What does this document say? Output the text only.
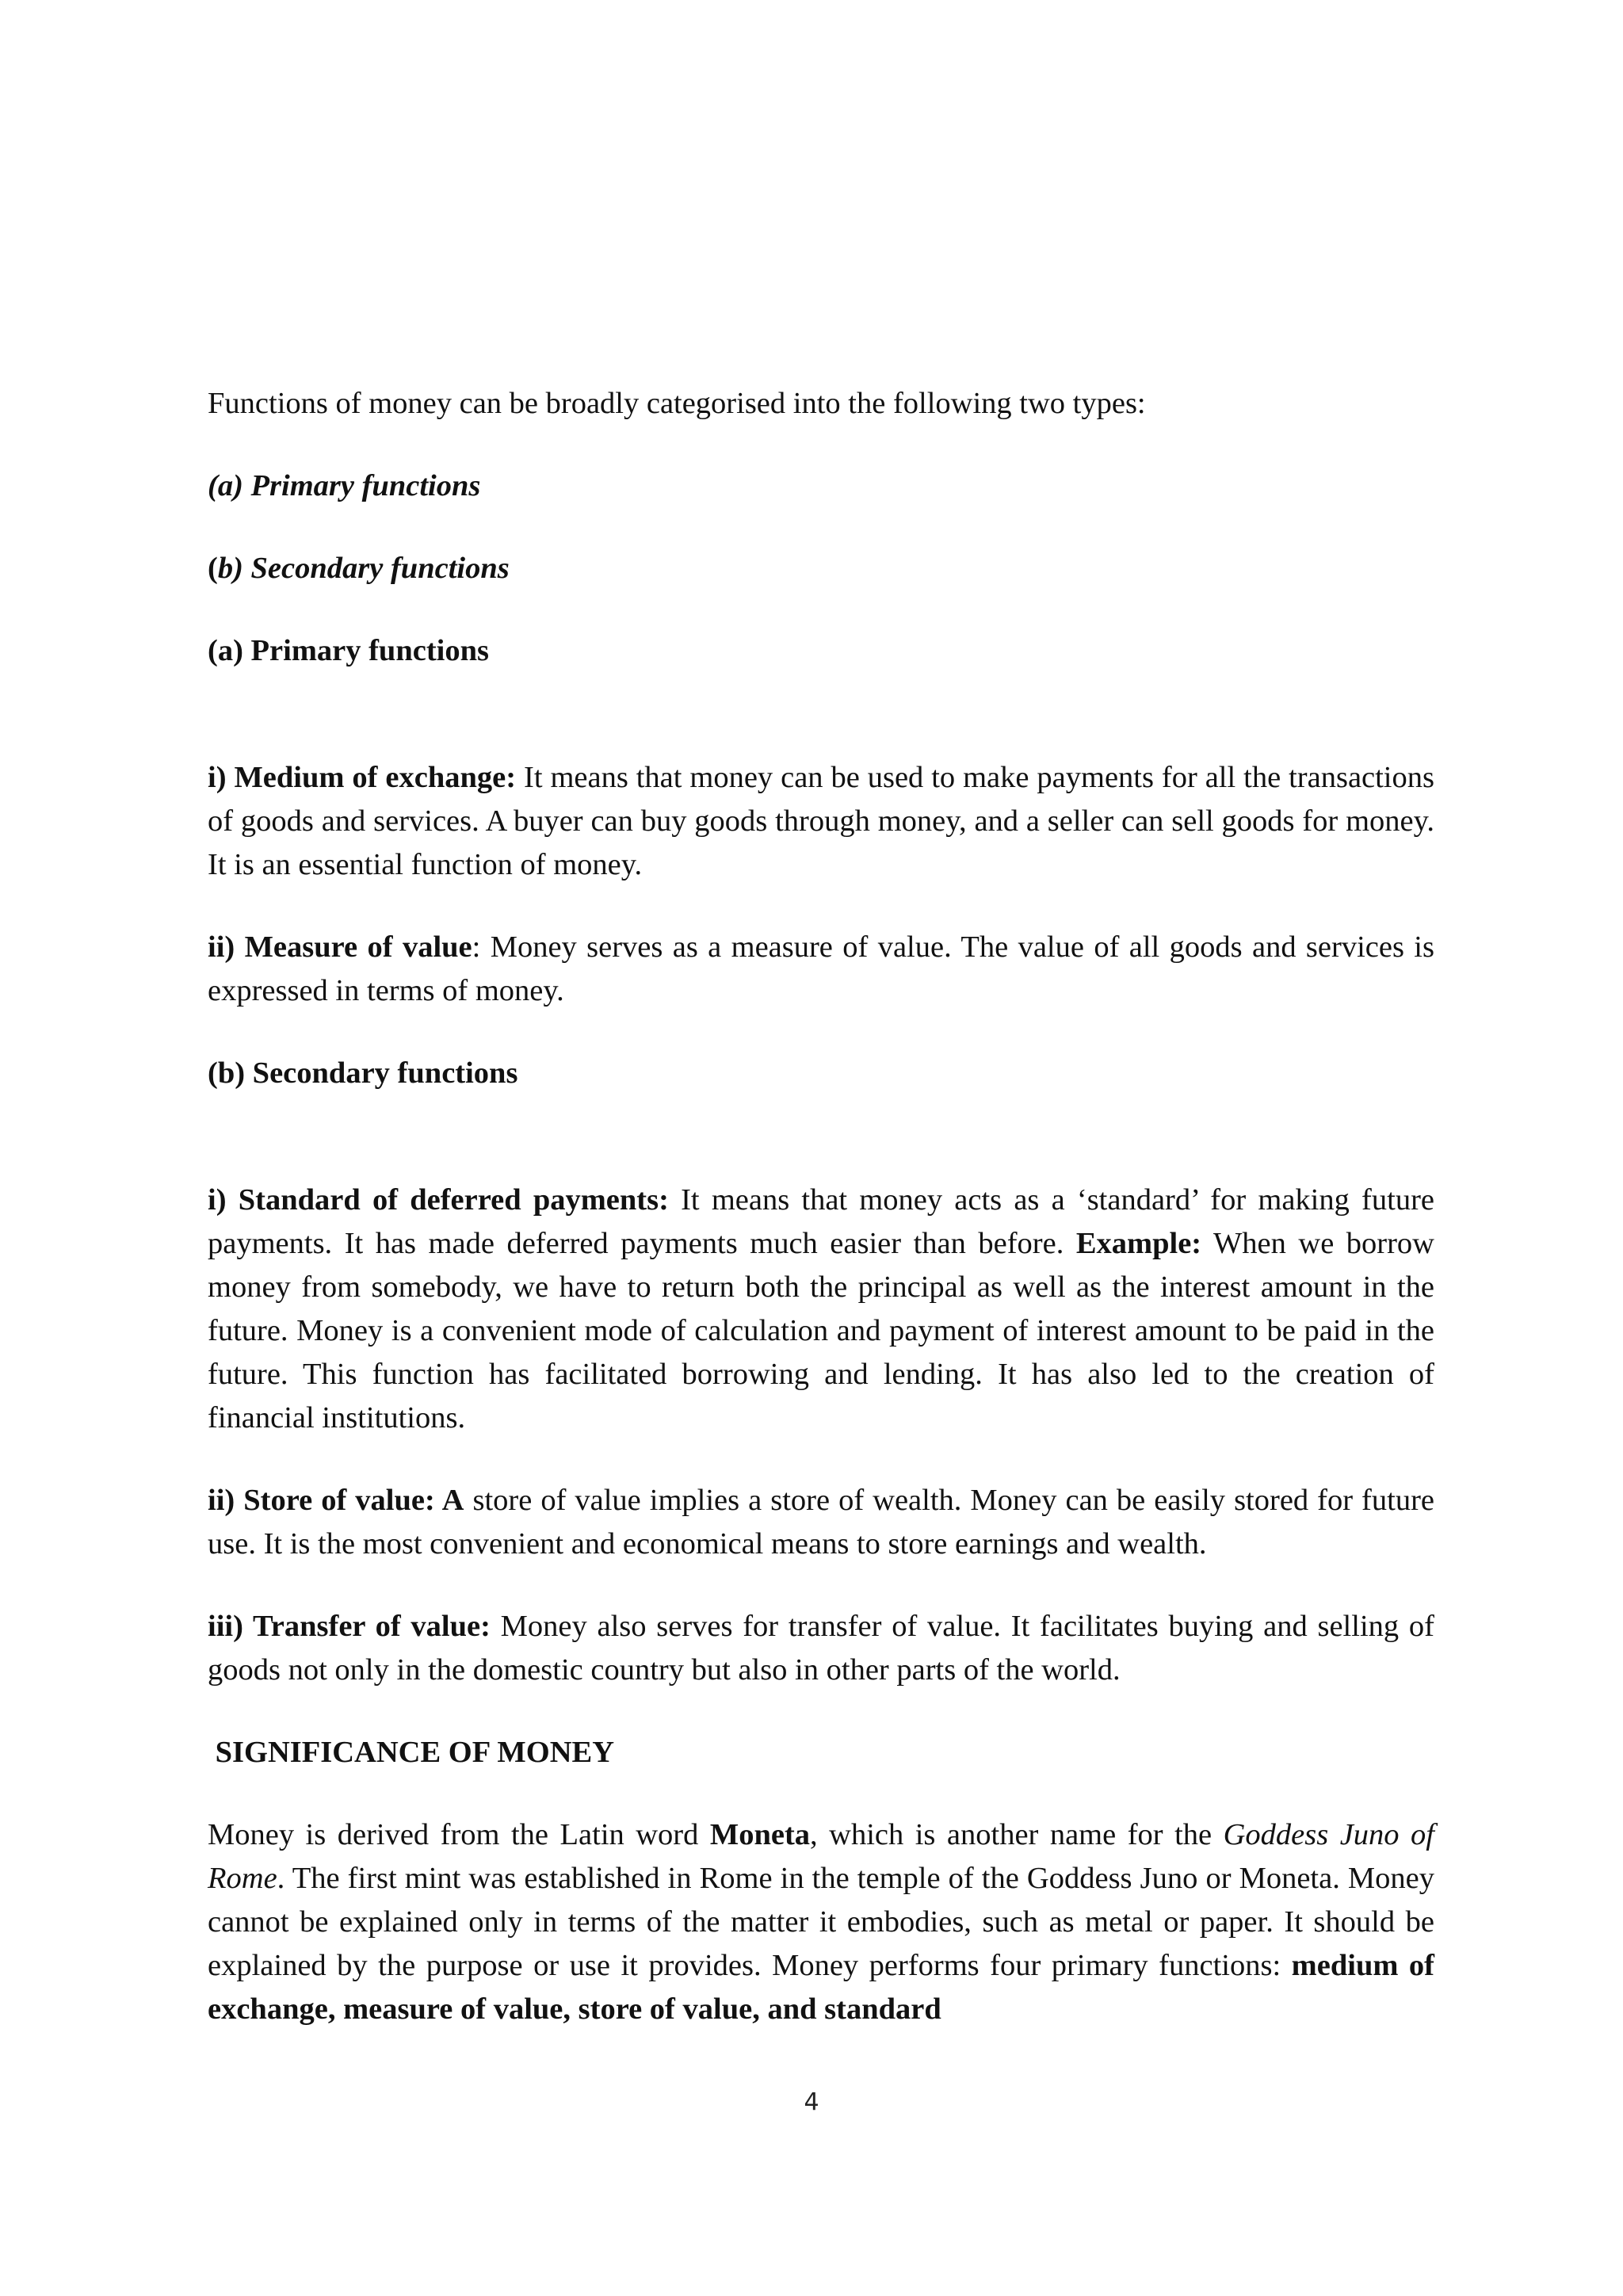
Functions of money can be broadly categorised into the following two types:

(a) Primary functions

(b) Secondary functions

(a) Primary functions

i) Medium of exchange: It means that money can be used to make payments for all the transactions of goods and services. A buyer can buy goods through money, and a seller can sell goods for money. It is an essential function of money.

ii) Measure of value: Money serves as a measure of value. The value of all goods and services is expressed in terms of money.

(b) Secondary functions

i) Standard of deferred payments: It means that money acts as a ‘standard’ for making future payments. It has made deferred payments much easier than before. Example: When we borrow money from somebody, we have to return both the principal as well as the interest amount in the future. Money is a convenient mode of calculation and payment of interest amount to be paid in the future. This function has facilitated borrowing and lending. It has also led to the creation of financial institutions.

ii) Store of value: A store of value implies a store of wealth. Money can be easily stored for future use. It is the most convenient and economical means to store earnings and wealth.

iii) Transfer of value: Money also serves for transfer of value. It facilitates buying and selling of goods not only in the domestic country but also in other parts of the world.

SIGNIFICANCE OF MONEY

Money is derived from the Latin word Moneta, which is another name for the Goddess Juno of Rome. The first mint was established in Rome in the temple of the Goddess Juno or Moneta. Money cannot be explained only in terms of the matter it embodies, such as metal or paper. It should be explained by the purpose or use it provides. Money performs four primary functions: medium of exchange, measure of value, store of value, and standard

4
